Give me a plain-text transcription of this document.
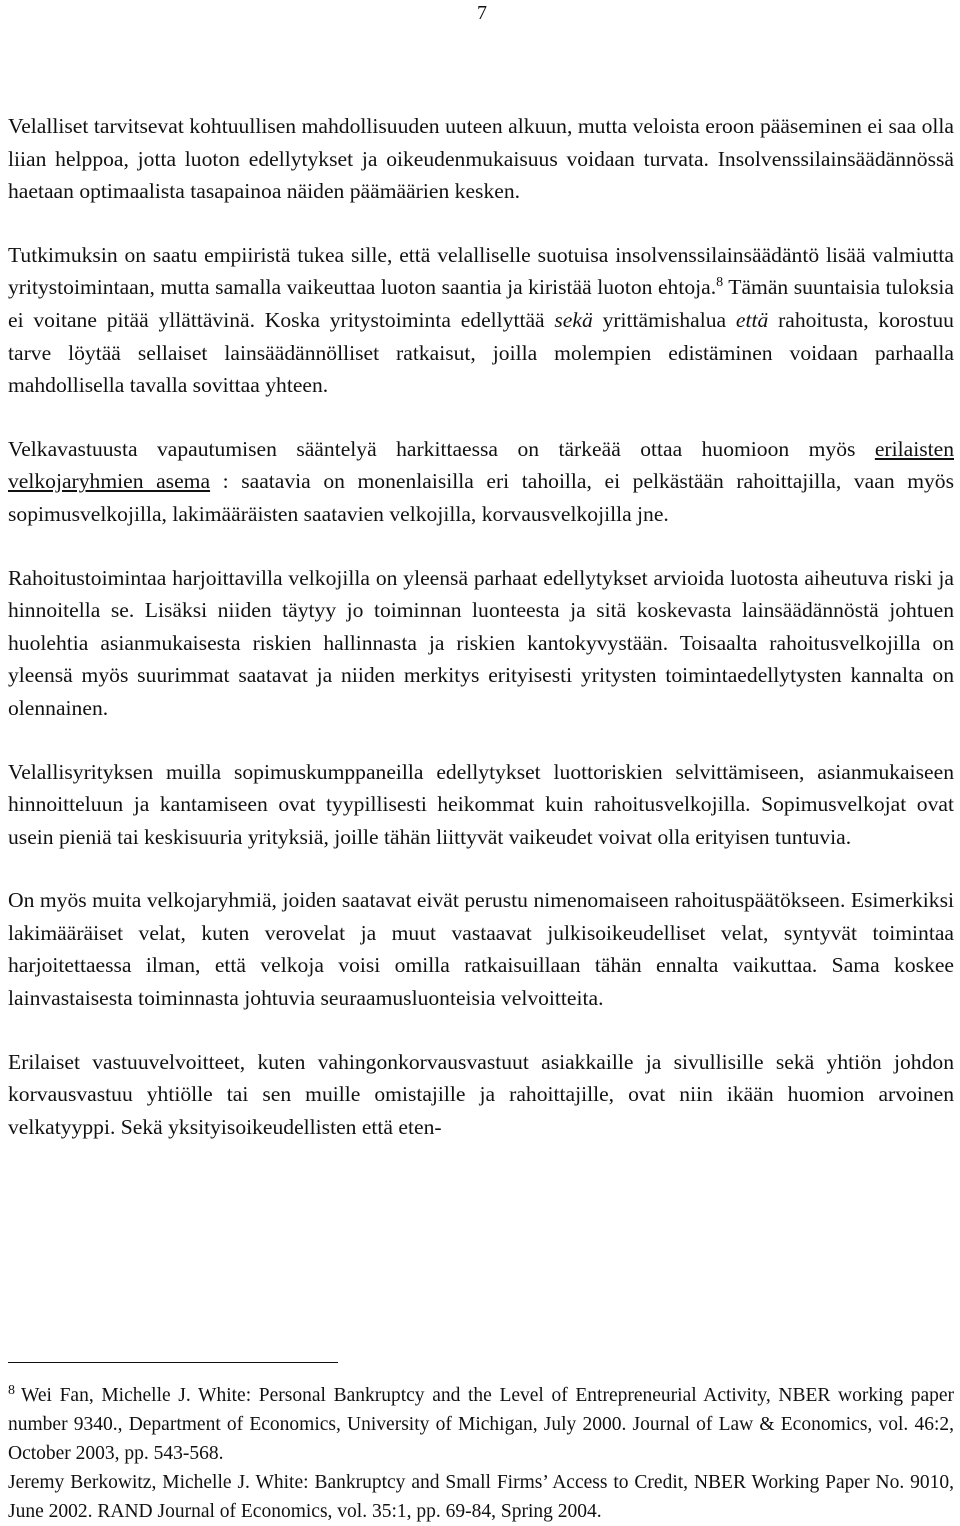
7

Velalliset tarvitsevat kohtuullisen mahdollisuuden uuteen alkuun, mutta veloista eroon pääseminen ei saa olla liian helppoa, jotta luoton edellytykset ja oikeudenmukaisuus voidaan turvata. Insolvenssilainsäädännössä haetaan optimaalista tasapainoa näiden päämäärien kesken.

Tutkimuksin on saatu empiiristä tukea sille, että velalliselle suotuisa insolvenssilainsäädäntö lisää valmiutta yritystoimintaan, mutta samalla vaikeuttaa luoton saantia ja kiristää luoton ehtoja.$^8$ Tämän suuntaisia tuloksia ei voitane pitää yllättävinä. Koska yritystoiminta edellyttää sekä yrittämishalua että rahoitusta, korostuu tarve löytää sellaiset lainsäädännölliset ratkaisut, joilla molempien edistäminen voidaan parhaalla mahdollisella tavalla sovittaa yhteen.

Velkavastuusta vapautumisen sääntelyä harkittaessa on tärkeää ottaa huomioon myös erilaisten velkojaryhmien asema : saatavia on monenlaisilla eri tahoilla, ei pelkästään rahoittajilla, vaan myös sopimusvelkojilla, lakimääräisten saatavien velkojilla, korvausvelkojilla jne.

Rahoitustoimintaa harjoittavilla velkojilla on yleensä parhaat edellytykset arvioida luotosta aiheutuva riski ja hinnoitella se. Lisäksi niiden täytyy jo toiminnan luonteesta ja sitä koskevasta lainsäädännöstä johtuen huolehtia asianmukaisesta riskien hallinnasta ja riskien kantokyvystään. Toisaalta rahoitusvelkojilla on yleensä myös suurimmat saatavat ja niiden merkitys erityisesti yritysten toimintaedellytysten kannalta on olennainen.

Velallisyrityksen muilla sopimuskumppaneilla edellytykset luottoriskien selvittämiseen, asianmukaiseen hinnoitteluun ja kantamiseen ovat tyypillisesti heikommat kuin rahoitusvelkojilla. Sopimusvelkojat ovat usein pieniä tai keskisuuria yrityksiä, joille tähän liittyvät vaikeudet voivat olla erityisen tuntuvia.

On myös muita velkojaryhmiä, joiden saatavat eivät perustu nimenomaiseen rahoituspäätökseen. Esimerkiksi lakimääräiset velat, kuten verovelat ja muut vastaavat julkisoikeudelliset velat, syntyvät toimintaa harjoitettaessa ilman, että velkoja voisi omilla ratkaisuillaan tähän ennalta vaikuttaa. Sama koskee lainvastaisesta toiminnasta johtuvia seuraamusluonteisia velvoitteita.

Erilaiset vastuuvelvoitteet, kuten vahingonkorvausvastuut asiakkaille ja sivullisille sekä yhtiön johdon korvausvastuu yhtiölle tai sen muille omistajille ja rahoittajille, ovat niin ikään huomion arvoinen velkatyyppi. Sekä yksityisoikeudellisten että eten-

$^8$ Wei Fan, Michelle J. White: Personal Bankruptcy and the Level of Entrepreneurial Activity, NBER working paper number 9340., Department of Economics, University of Michigan, July 2000. Journal of Law & Economics, vol. 46:2, October 2003, pp. 543-568.

Jeremy Berkowitz, Michelle J. White: Bankruptcy and Small Firms’ Access to Credit, NBER Working Paper No. 9010, June 2002. RAND Journal of Economics, vol. 35:1, pp. 69-84, Spring 2004.
